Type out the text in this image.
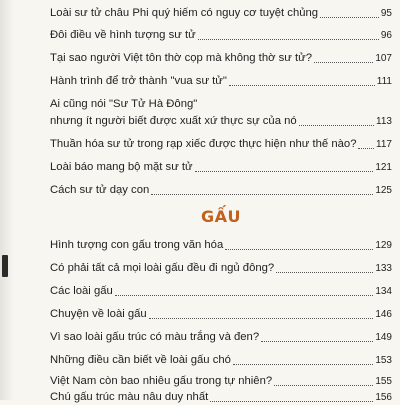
Loài sư tử châu Phi quý hiếm có nguy cơ tuyệt chủng	95
Đôi điều về hình tượng sư tử	96
Tại sao người Việt tôn thờ cọp mà không thờ sư tử?	107
Hành trình để trở thành "vua sư tử"	111
Ai cũng nói "Sư Tử Hà Đông"
nhưng ít người biết được xuất xứ thực sự của nó	113
Thuần hóa sư tử trong rạp xiếc được thực hiện như thế nào? 117
Loài báo mang bộ mặt sư tử	121
Cách sư tử dạy con	125
GẤU
Hình tượng con gấu trong văn hóa	129
Có phải tất cả mọi loài gấu đều đi ngủ đông?	133
Các loài gấu	134
Chuyện về loài gấu	146
Vì sao loài gấu trúc có màu trắng và đen?	149
Những điều cần biết về loài gấu chó	153
Việt Nam còn bao nhiêu gấu trong tự nhiên?	155
Chú gấu trúc màu nâu duy nhất	156
